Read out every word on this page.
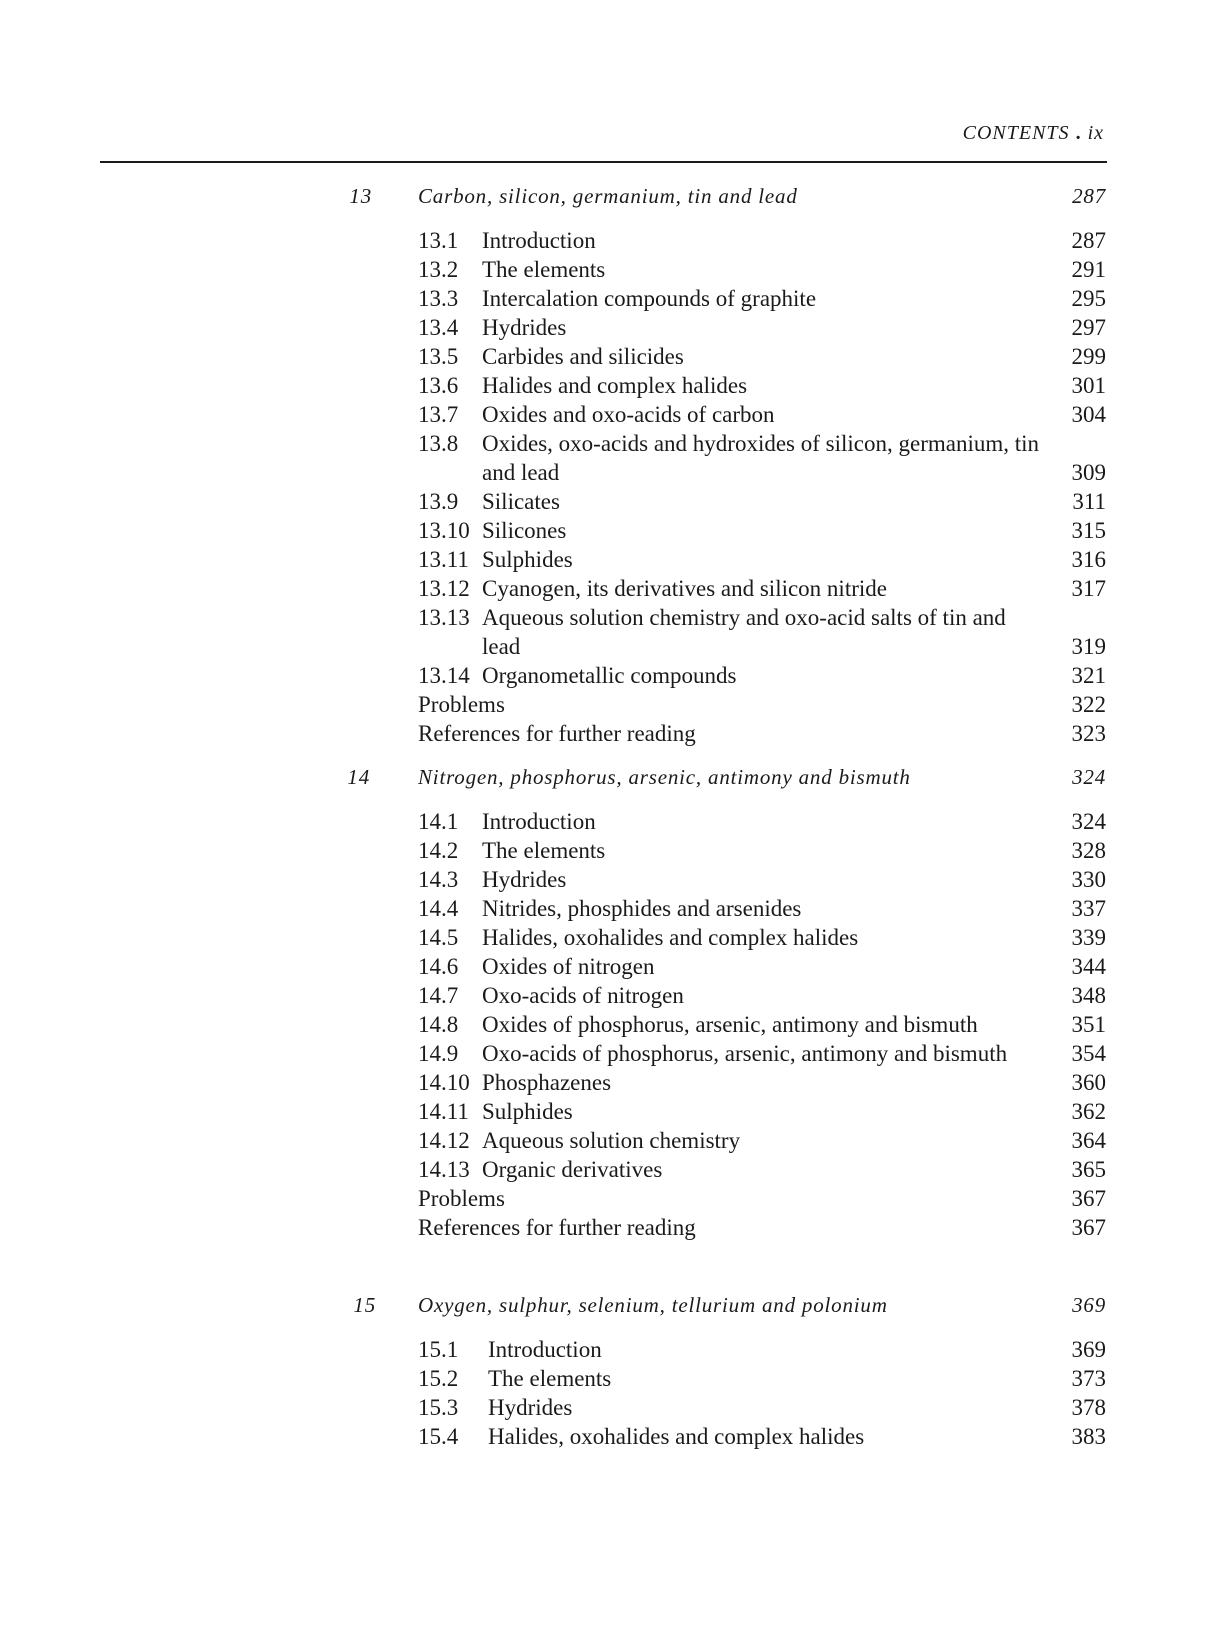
CONTENTS . ix
13 Carbon, silicon, germanium, tin and lead	287
13.1 Introduction	287
13.2 The elements	291
13.3 Intercalation compounds of graphite	295
13.4 Hydrides	297
13.5 Carbides and silicides	299
13.6 Halides and complex halides	301
13.7 Oxides and oxo-acids of carbon	304
13.8 Oxides, oxo-acids and hydroxides of silicon, germanium, tin and lead	309
13.9 Silicates	311
13.10 Silicones	315
13.11 Sulphides	316
13.12 Cyanogen, its derivatives and silicon nitride	317
13.13 Aqueous solution chemistry and oxo-acid salts of tin and lead	319
13.14 Organometallic compounds	321
Problems	322
References for further reading	323
14 Nitrogen, phosphorus, arsenic, antimony and bismuth	324
14.1 Introduction	324
14.2 The elements	328
14.3 Hydrides	330
14.4 Nitrides, phosphides and arsenides	337
14.5 Halides, oxohalides and complex halides	339
14.6 Oxides of nitrogen	344
14.7 Oxo-acids of nitrogen	348
14.8 Oxides of phosphorus, arsenic, antimony and bismuth	351
14.9 Oxo-acids of phosphorus, arsenic, antimony and bismuth	354
14.10 Phosphazenes	360
14.11 Sulphides	362
14.12 Aqueous solution chemistry	364
14.13 Organic derivatives	365
Problems	367
References for further reading	367
15 Oxygen, sulphur, selenium, tellurium and polonium	369
15.1 Introduction	369
15.2 The elements	373
15.3 Hydrides	378
15.4 Halides, oxohalides and complex halides	383
